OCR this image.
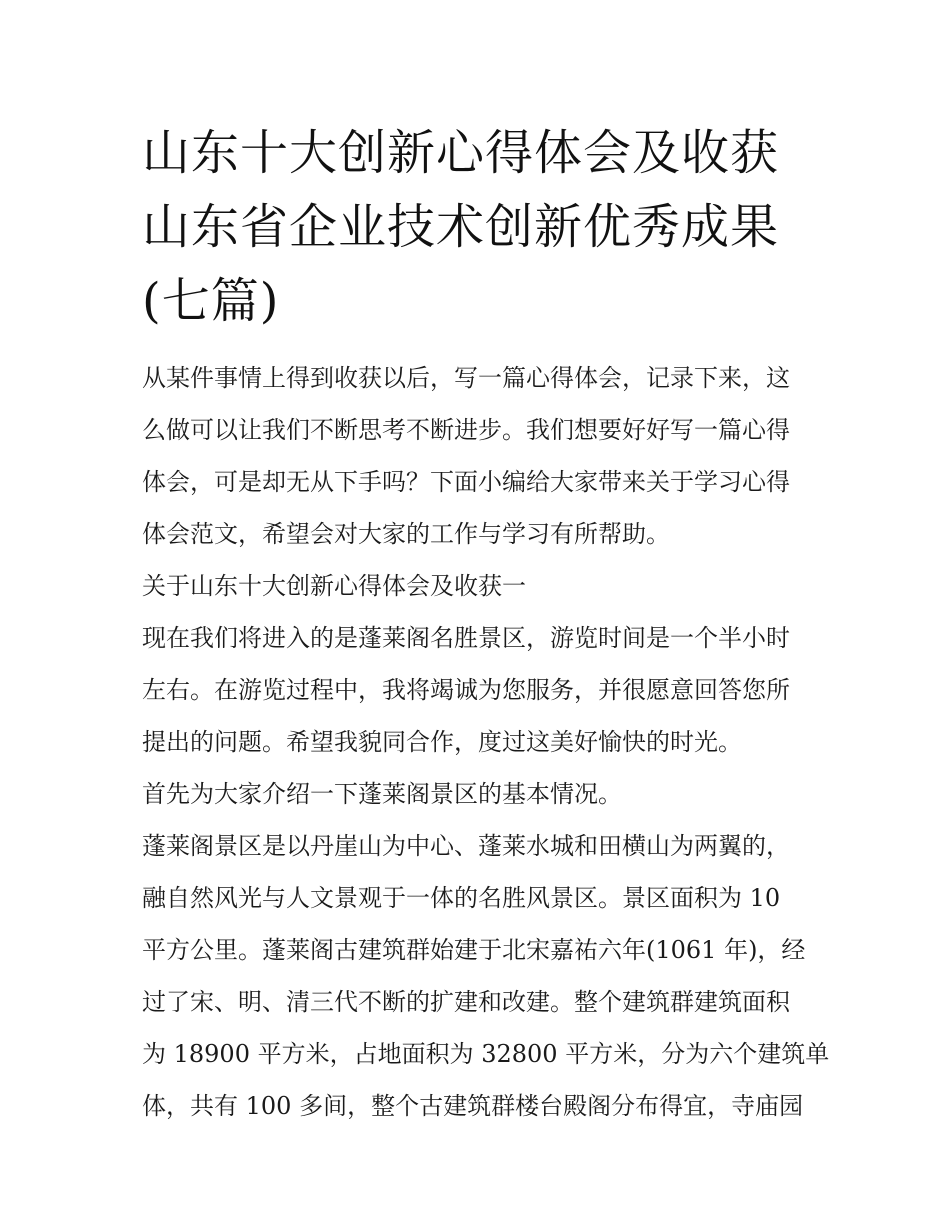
山东十大创新心得体会及收获
山东省企业技术创新优秀成果
(七篇)

从某件事情上得到收获以后，写一篇心得体会，记录下来，这
么做可以让我们不断思考不断进步。我们想要好好写一篇心得
体会，可是却无从下手吗？下面小编给大家带来关于学习心得
体会范文，希望会对大家的工作与学习有所帮助。

关于山东十大创新心得体会及收获一

现在我们将进入的是蓬莱阁名胜景区，游览时间是一个半小时
左右。在游览过程中，我将竭诚为您服务，并很愿意回答您所
提出的问题。希望我貌同合作，度过这美好愉快的时光。

首先为大家介绍一下蓬莱阁景区的基本情况。

蓬莱阁景区是以丹崖山为中心、蓬莱水城和田横山为两翼的，
融自然风光与人文景观于一体的名胜风景区。景区面积为 10
平方公里。蓬莱阁古建筑群始建于北宋嘉祐六年(1061 年)，经
过了宋、明、清三代不断的扩建和改建。整个建筑群建筑面积
为 18900 平方米，占地面积为 32800 平方米，分为六个建筑单
体，共有 100 多间，整个古建筑群楼台殿阁分布得宜，寺庙园
